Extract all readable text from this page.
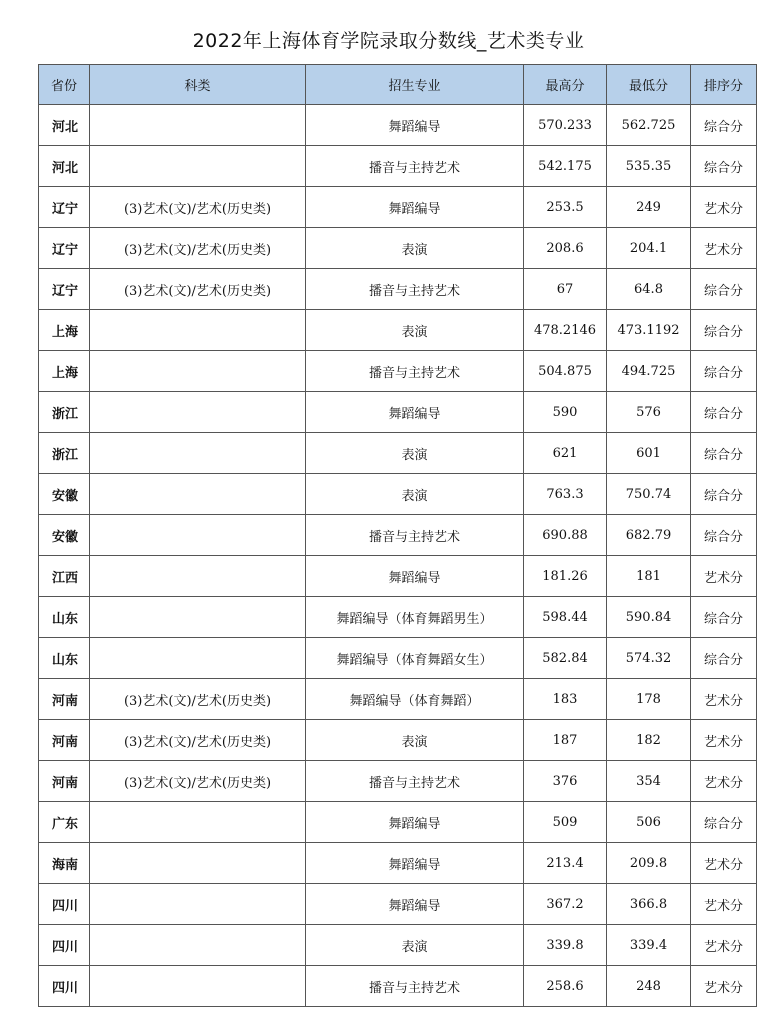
2022年上海体育学院录取分数线_艺术类专业
省份	科类	招生专业	最高分	最低分	排序分
河北		舞蹈编导	570.233	562.725	综合分
河北		播音与主持艺术	542.175	535.35	综合分
辽宁	(3)艺术(文)/艺术(历史类)	舞蹈编导	253.5	249	艺术分
辽宁	(3)艺术(文)/艺术(历史类)	表演	208.6	204.1	艺术分
辽宁	(3)艺术(文)/艺术(历史类)	播音与主持艺术	67	64.8	综合分
上海		表演	478.2146	473.1192	综合分
上海		播音与主持艺术	504.875	494.725	综合分
浙江		舞蹈编导	590	576	综合分
浙江		表演	621	601	综合分
安徽		表演	763.3	750.74	综合分
安徽		播音与主持艺术	690.88	682.79	综合分
江西		舞蹈编导	181.26	181	艺术分
山东		舞蹈编导（体育舞蹈男生）	598.44	590.84	综合分
山东		舞蹈编导（体育舞蹈女生）	582.84	574.32	综合分
河南	(3)艺术(文)/艺术(历史类)	舞蹈编导（体育舞蹈）	183	178	艺术分
河南	(3)艺术(文)/艺术(历史类)	表演	187	182	艺术分
河南	(3)艺术(文)/艺术(历史类)	播音与主持艺术	376	354	艺术分
广东		舞蹈编导	509	506	综合分
海南		舞蹈编导	213.4	209.8	艺术分
四川		舞蹈编导	367.2	366.8	艺术分
四川		表演	339.8	339.4	艺术分
四川		播音与主持艺术	258.6	248	艺术分
